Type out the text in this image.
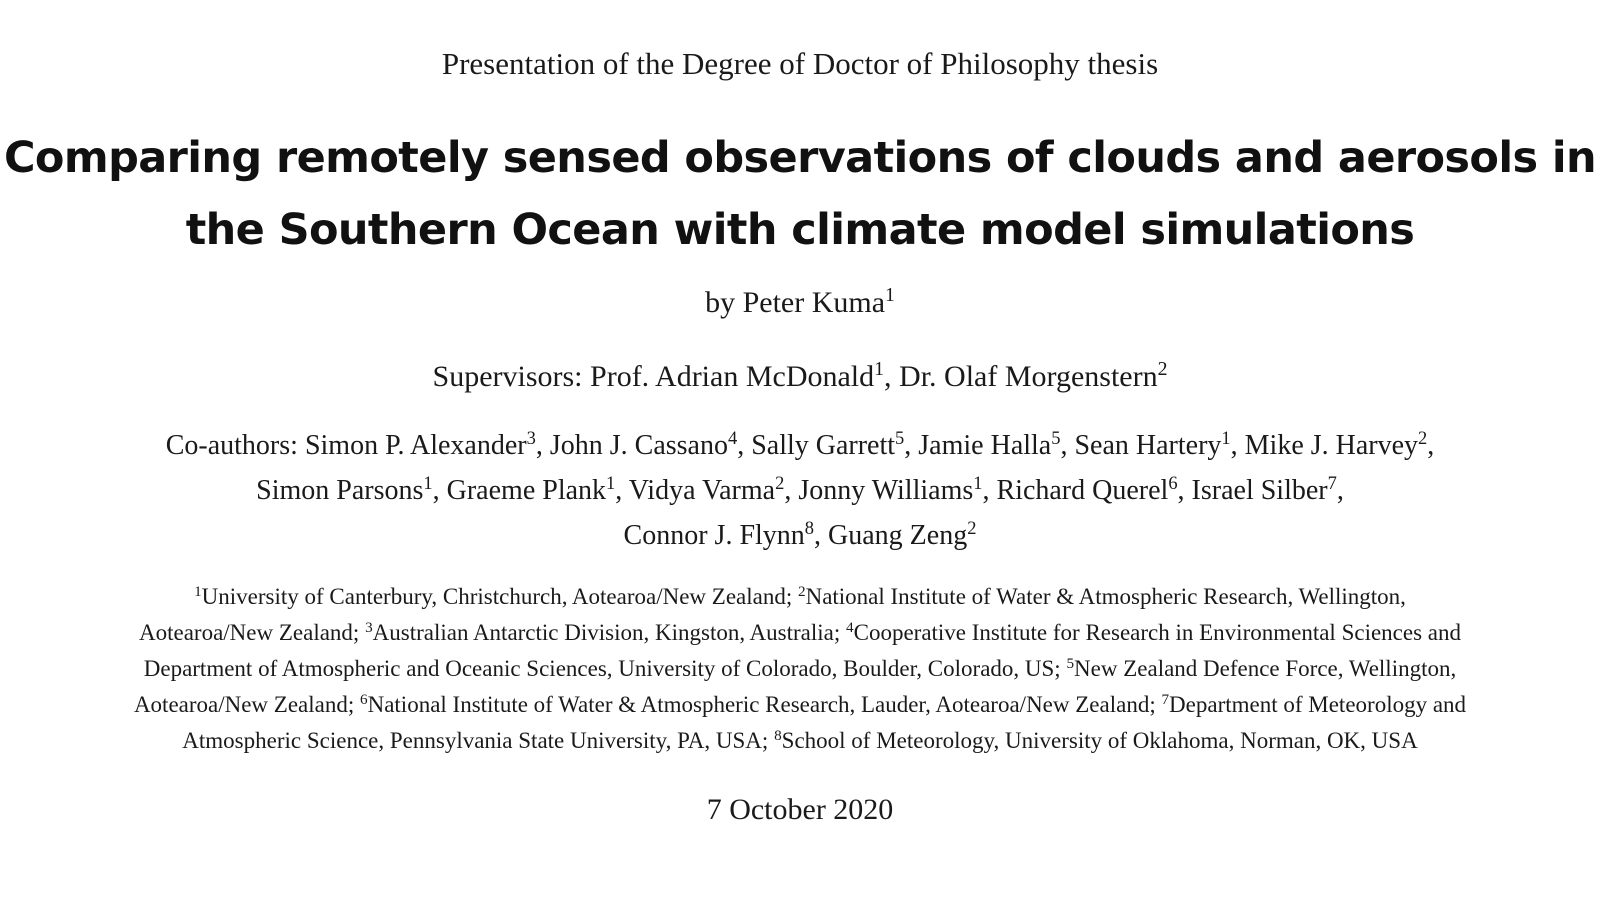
Presentation of the Degree of Doctor of Philosophy thesis
Comparing remotely sensed observations of clouds and aerosols in
the Southern Ocean with climate model simulations
by Peter Kuma$^1$
Supervisors: Prof. Adrian McDonald$^1$, Dr. Olaf Morgenstern$^2$
Co-authors: Simon P. Alexander$^3$, John J. Cassano$^4$, Sally Garrett$^5$, Jamie Halla$^5$, Sean Hartery$^1$, Mike J. Harvey$^2$,
Simon Parsons$^1$, Graeme Plank$^1$, Vidya Varma$^2$, Jonny Williams$^1$, Richard Querel$^6$, Israel Silber$^7$,
Connor J. Flynn$^8$, Guang Zeng$^2$
$^1$University of Canterbury, Christchurch, Aotearoa/New Zealand; $^2$National Institute of Water & Atmospheric Research, Wellington,
Aotearoa/New Zealand; $^3$Australian Antarctic Division, Kingston, Australia; $^4$Cooperative Institute for Research in Environmental Sciences and
Department of Atmospheric and Oceanic Sciences, University of Colorado, Boulder, Colorado, US; $^5$New Zealand Defence Force, Wellington,
Aotearoa/New Zealand; $^6$National Institute of Water & Atmospheric Research, Lauder, Aotearoa/New Zealand; $^7$Department of Meteorology and
Atmospheric Science, Pennsylvania State University, PA, USA; $^8$School of Meteorology, University of Oklahoma, Norman, OK, USA
7 October 2020
